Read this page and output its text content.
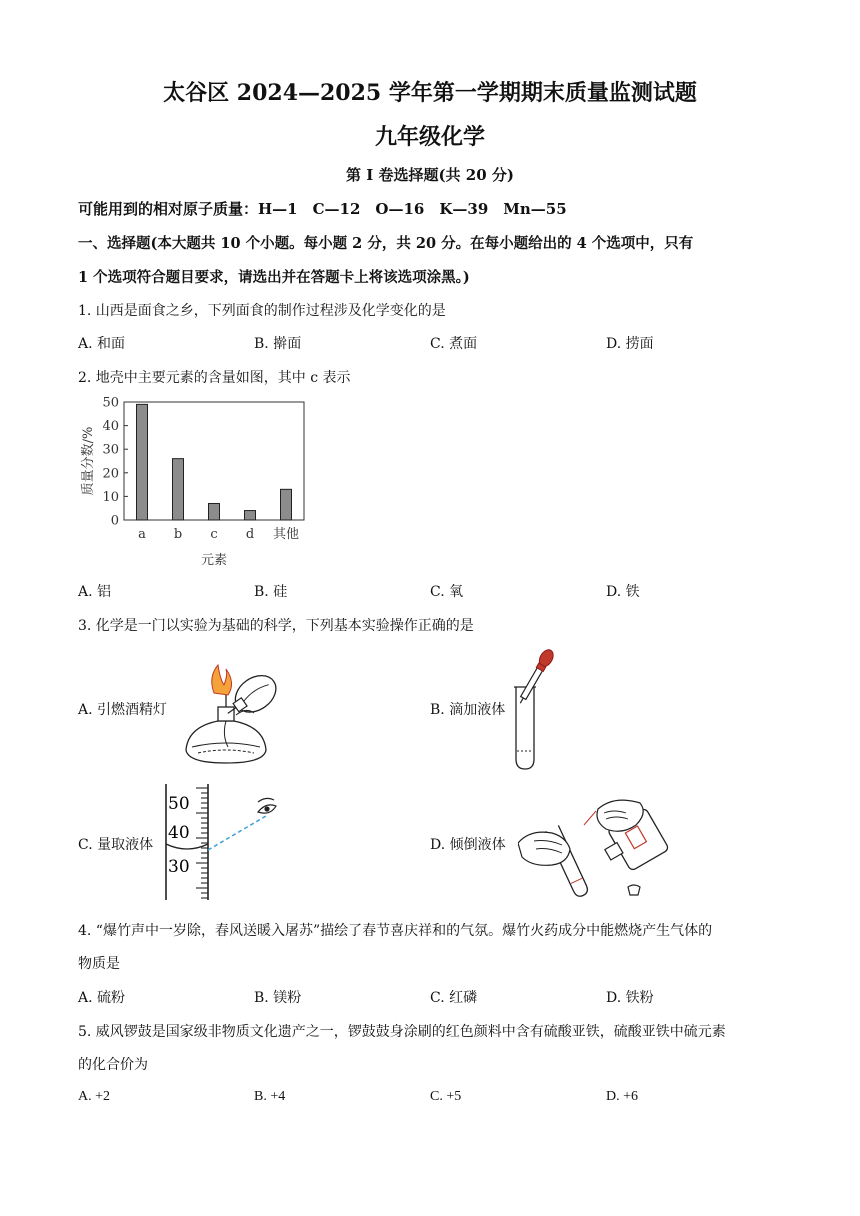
太谷区 2024—2025 学年第一学期期末质量监测试题
九年级化学
第 I 卷选择题(共 20 分)
可能用到的相对原子质量：H—1　C—12　O—16　K—39　Mn—55
一、选择题(本大题共 10 个小题。每小题 2 分，共 20 分。在每小题给出的 4 个选项中，只有
1 个选项符合题目要求，请选出并在答题卡上将该选项涂黑。)
1. 山西是面食之乡，下列面食的制作过程涉及化学变化的是
A. 和面	B. 擀面	C. 煮面	D. 捞面
2. 地壳中主要元素的含量如图，其中 c 表示
0
10
20
30
40
50
a b c d 其他
质量分数/%
元素
A. 铝	B. 硅	C. 氧	D. 铁
3. 化学是一门以实验为基础的科学，下列基本实验操作正确的是
A. 引燃酒精灯	B. 滴加液体
C. 量取液体
50
40
30
D. 倾倒液体
4. “爆竹声中一岁除，春风送暖入屠苏”描绘了春节喜庆祥和的气氛。爆竹火药成分中能燃烧产生气体的
物质是
A. 硫粉	B. 镁粉	C. 红磷	D. 铁粉
5. 威风锣鼓是国家级非物质文化遗产之一，锣鼓鼓身涂刷的红色颜料中含有硫酸亚铁，硫酸亚铁中硫元素
的化合价为
A. +2	B. +4	C. +5	D. +6
